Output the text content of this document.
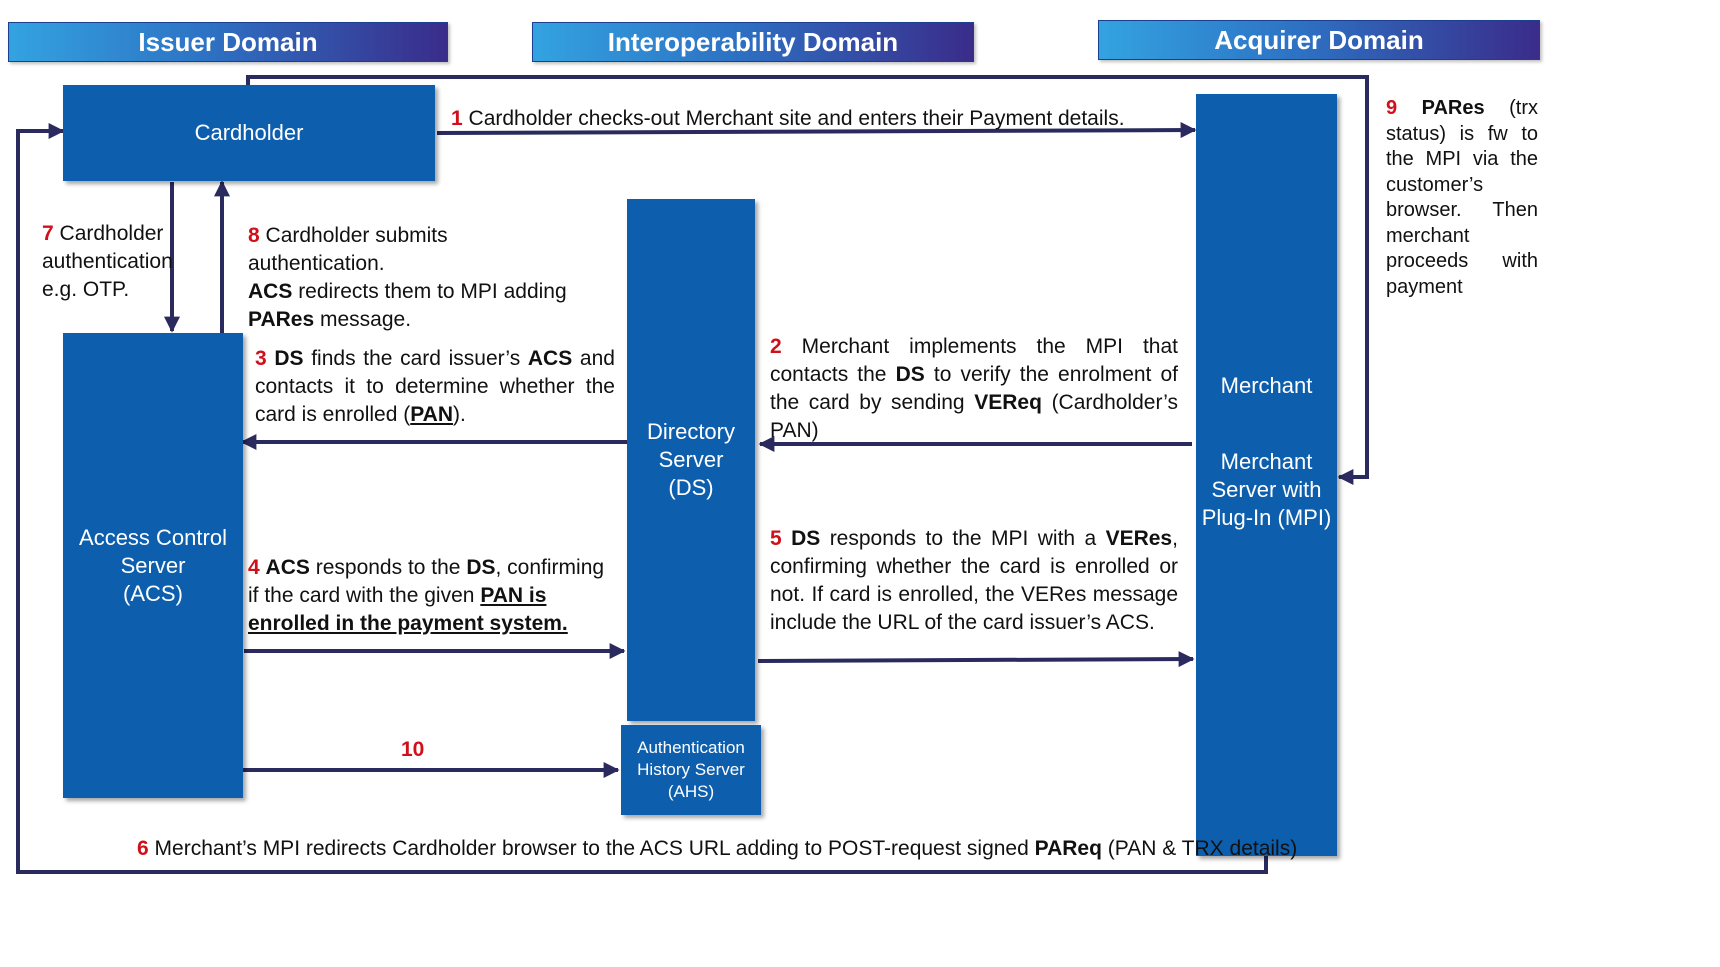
Issuer Domain	Interoperability Domain	Acquirer Domain
Cardholder
Access Control
Server
(ACS)
Directory
Server
(DS)
Authentication
History Server
(AHS)
Merchant
Merchant
Server with
Plug-In (MPI)
1 Cardholder checks-out Merchant site and enters their Payment details.
2 Merchant implements the MPI that contacts the DS to verify the enrolment of the card by sending VEReq (Cardholder’s PAN)
3 DS finds the card issuer’s ACS and contacts it to determine whether the card is enrolled (PAN).
4 ACS responds to the DS, confirming if the card with the given PAN is enrolled in the payment system.
5 DS responds to the MPI with a VERes, confirming whether the card is enrolled or not. If card is enrolled, the VERes message include the URL of the card issuer’s ACS.
6 Merchant’s MPI redirects Cardholder browser to the ACS URL adding to POST-request signed PAReq (PAN & TRX details)
7 Cardholder
authentication
e.g. OTP.
8 Cardholder submits authentication.
ACS redirects them to MPI adding
PARes message.
9 PARes (trx status) is fw to the MPI via the customer’s browser. Then merchant proceeds with payment
10
